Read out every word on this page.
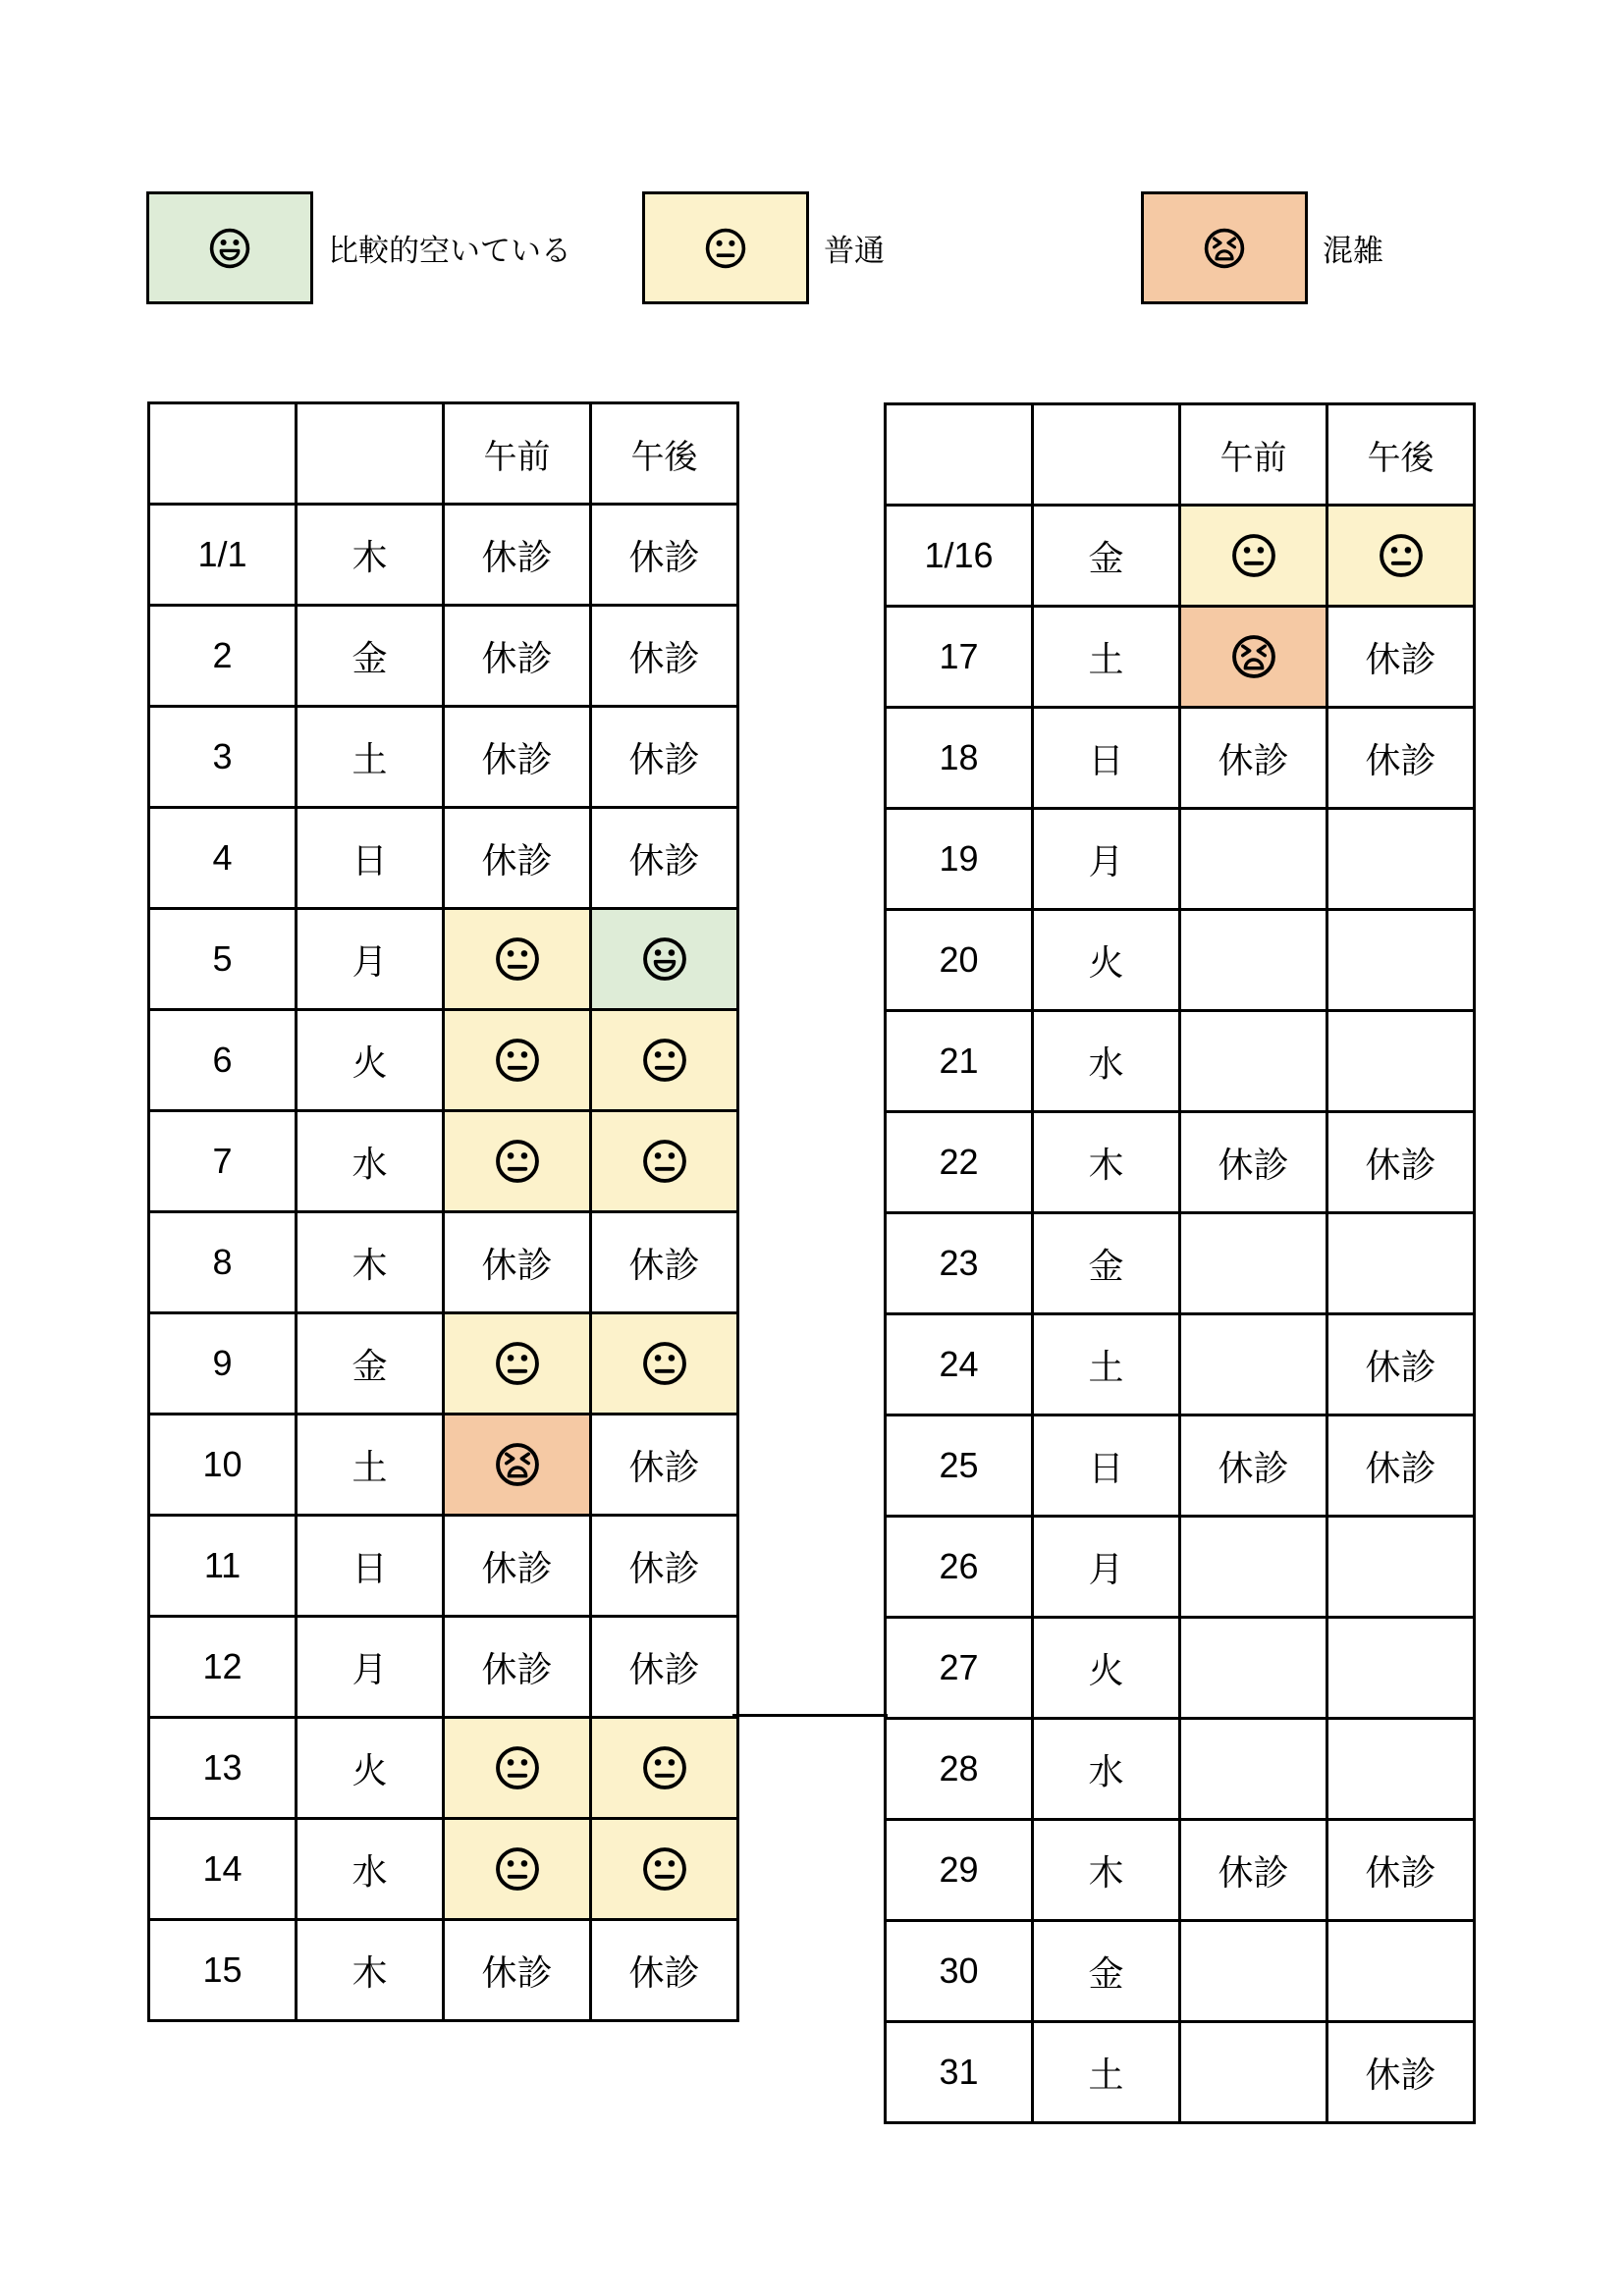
比較的空いている	普通	混雑
		午前	午後
1/1	木	休診	休診
2	金	休診	休診
3	土	休診	休診
4	日	休診	休診
5	月		
6	火		
7	水		
8	木	休診	休診
9	金		
10	土		休診
11	日	休診	休診
12	月	休診	休診
13	火		
14	水		
15	木	休診	休診
		午前	午後
1/16	金		
17	土		休診
18	日	休診	休診
19	月		
20	火		
21	水		
22	木	休診	休診
23	金		
24	土		休診
25	日	休診	休診
26	月		
27	火		
28	水		
29	木	休診	休診
30	金		
31	土		休診
